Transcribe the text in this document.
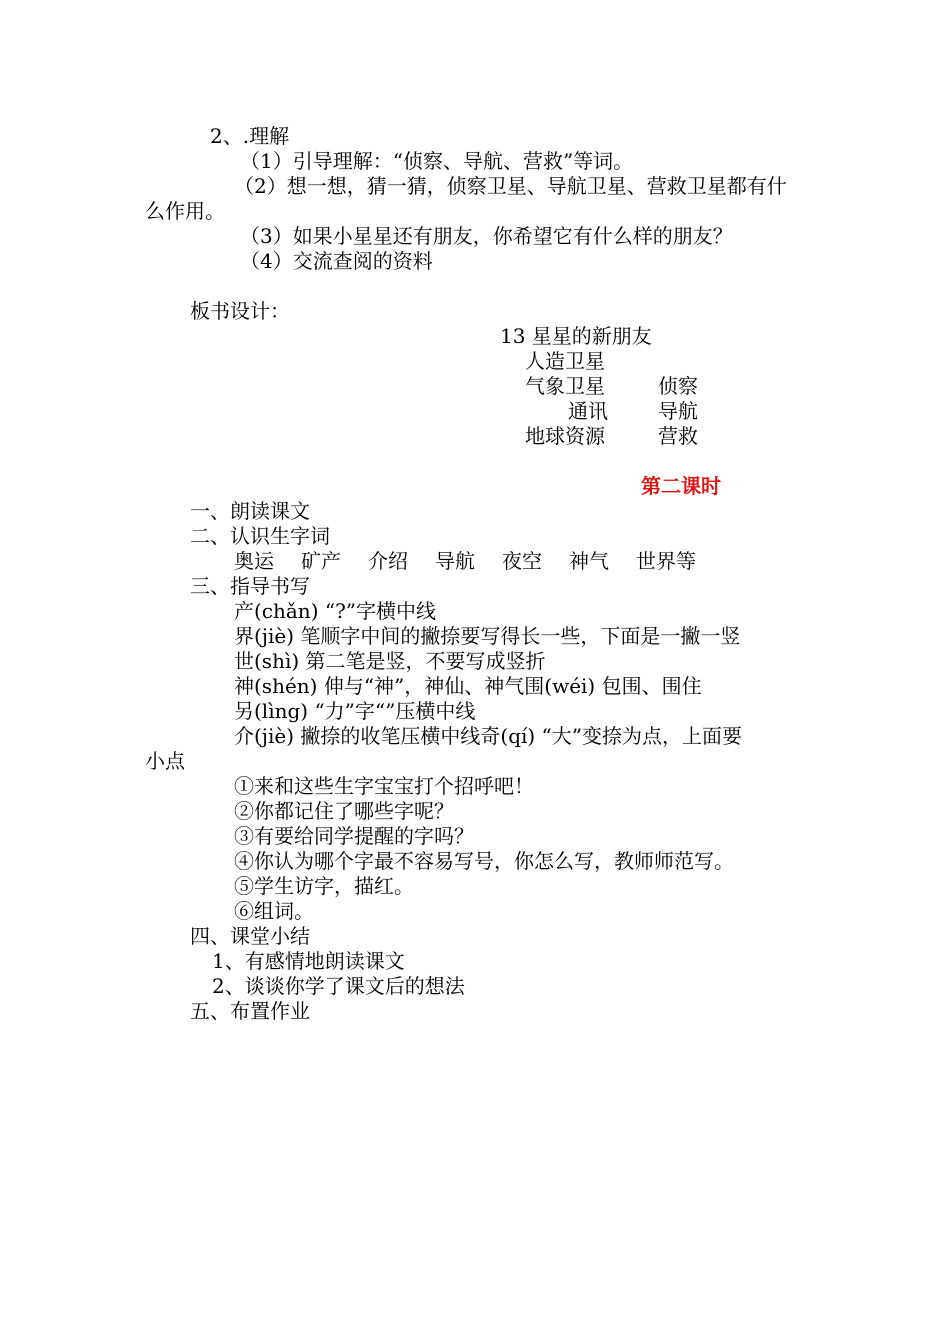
2、.理解
（1）引导理解：“侦察、导航、营救”等词。
（2）想一想，猜一猜，侦察卫星、导航卫星、营救卫星都有什
么作用。
（3）如果小星星还有朋友，你希望它有什么样的朋友？
（4）交流查阅的资料
板书设计：
13 星星的新朋友
人造卫星
气象卫星	侦察
通讯	导航
地球资源	营救
第二课时
一、朗读课文
二、认识生字词
奥运 矿产 介绍 导航 夜空 神气 世界等
三、指导书写
产(chǎn) “?”字横中线
界(jiè) 笔顺字中间的撇捺要写得长一些，下面是一撇一竖
世(shì) 第二笔是竖，不要写成竖折
神(shén) 伸与“神”，神仙、神气围(wéi) 包围、围住
另(lìng) “力”字“”压横中线
介(jiè) 撇捺的收笔压横中线奇(qí) “大”变捺为点，上面要
小点
①来和这些生字宝宝打个招呼吧！
②你都记住了哪些字呢？
③有要给同学提醒的字吗？
④你认为哪个字最不容易写号，你怎么写，教师师范写。
⑤学生访字，描红。
⑥组词。
四、课堂小结
1、有感情地朗读课文
2、谈谈你学了课文后的想法
五、布置作业
